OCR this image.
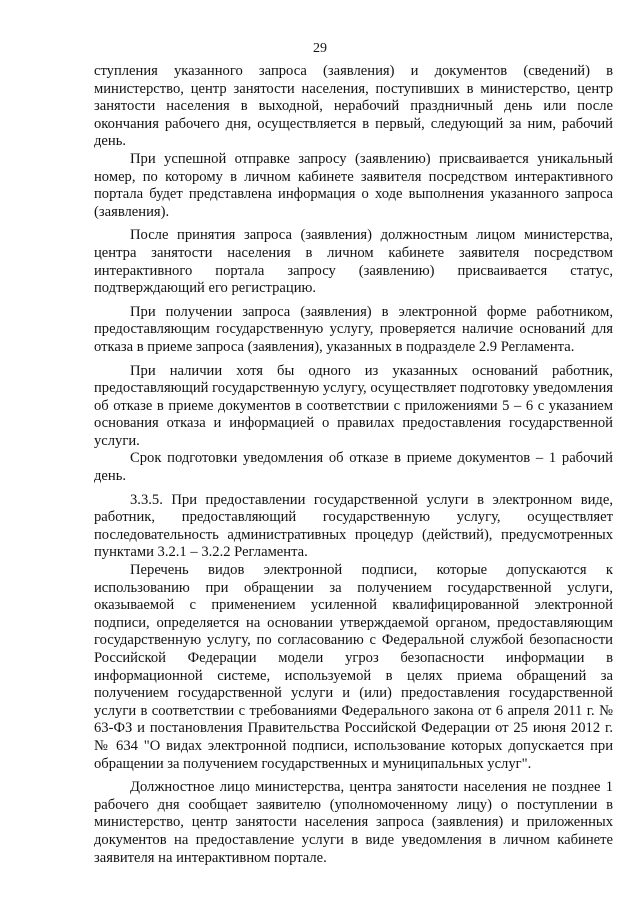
29

ступления указанного запроса (заявления) и документов (сведений) в министерство, центр занятости населения, поступивших в министерство, центр занятости населения в выходной, нерабочий праздничный день или после окончания рабочего дня, осуществляется в первый, следующий за ним, рабочий день.

При успешной отправке запросу (заявлению) присваивается уникальный номер, по которому в личном кабинете заявителя посредством интерактивного портала будет представлена информация о ходе выполнения указанного запроса (заявления).

После принятия запроса (заявления) должностным лицом министерства, центра занятости населения в личном кабинете заявителя посредством интерактивного портала запросу (заявлению) присваивается статус, подтверждающий его регистрацию.

При получении запроса (заявления) в электронной форме работником, предоставляющим государственную услугу, проверяется наличие оснований для отказа в приеме запроса (заявления), указанных в подразделе 2.9 Регламента.

При наличии хотя бы одного из указанных оснований работник, предоставляющий государственную услугу, осуществляет подготовку уведомления об отказе в приеме документов в соответствии с приложениями 5 – 6 с указанием основания отказа и информацией о правилах предоставления государственной услуги.

Срок подготовки уведомления об отказе в приеме документов – 1 рабочий день.

3.3.5. При предоставлении государственной услуги в электронном виде, работник, предоставляющий государственную услугу, осуществляет последовательность административных процедур (действий), предусмотренных пунктами 3.2.1 – 3.2.2 Регламента.

Перечень видов электронной подписи, которые допускаются к использованию при обращении за получением государственной услуги, оказываемой с применением усиленной квалифицированной электронной подписи, определяется на основании утверждаемой органом, предоставляющим государственную услугу, по согласованию с Федеральной службой безопасности Российской Федерации модели угроз безопасности информации в информационной системе, используемой в целях приема обращений за получением государственной услуги и (или) предоставления государственной услуги в соответствии с требованиями Федерального закона от 6 апреля 2011 г. № 63-ФЗ и постановления Правительства Российской Федерации от 25 июня 2012 г. № 634 "О видах электронной подписи, использование которых допускается при обращении за получением государственных и муниципальных услуг".

Должностное лицо министерства, центра занятости населения не позднее 1 рабочего дня сообщает заявителю (уполномоченному лицу) о поступлении в министерство, центр занятости населения запроса (заявления) и приложенных документов на предоставление услуги в виде уведомления в личном кабинете заявителя на интерактивном портале.
